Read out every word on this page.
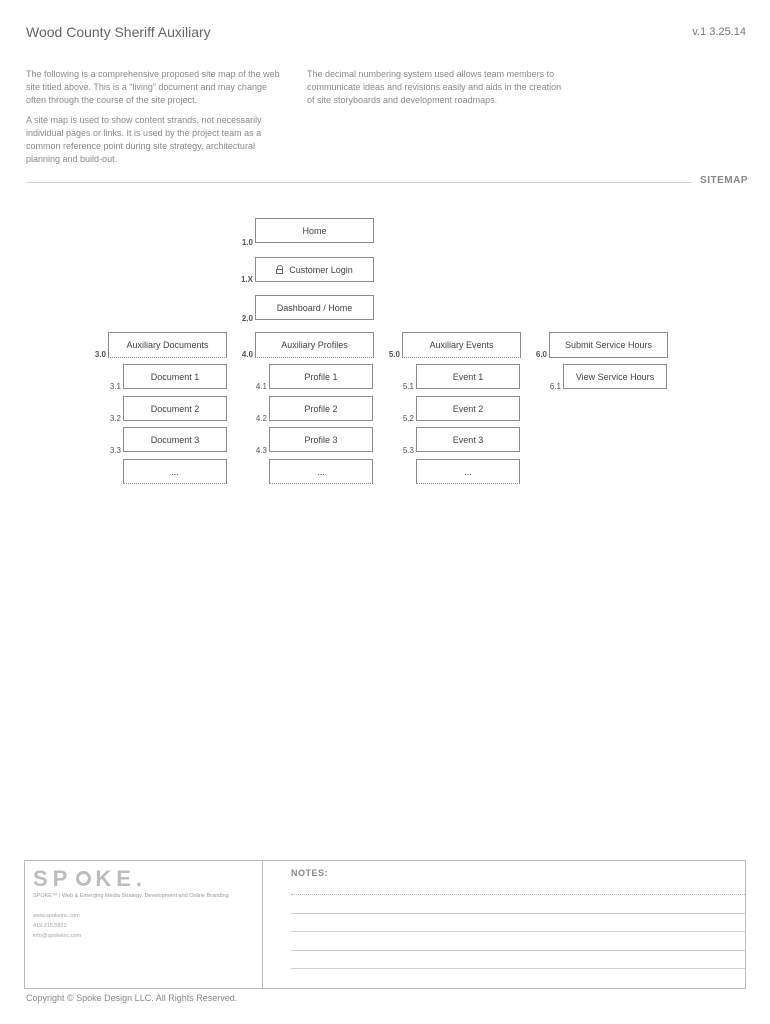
Wood County Sheriff Auxiliary	v.1 3.25.14
The following is a comprehensive proposed site map of the web site titled above. This is a “living” document and may change often through the course of the site project.
A site map is used to show content strands, not necessarily individual pages or links. It is used by the project team as a common reference point during site strategy, architectural planning and build-out.
The decimal numbering system used allows team members to communicate ideas and revisions easily and aids in the creation of site storyboards and development roadmaps.
SITEMAP
Home
1.0
Customer Login
1.X
Dashboard / Home
2.0
Auxiliary Documents
3.0
Document 1
3.1
Document 2
3.2
Document 3
3.3
...
Auxiliary Profiles
4.0
Profile 1
4.1
Profile 2
4.2
Profile 3
4.3
...
Auxiliary Events
5.0
Event 1
5.1
Event 2
5.2
Event 3
5.3
...
Submit Service Hours
6.0
View Service Hours
6.1
SP KE.
SPOKE™ | Web & Emerging Media Strategy, Development and Online Branding
www.spokeinc.com
419.215.5822
info@spokeinc.com
NOTES:
Copyright © Spoke Design LLC. All Rights Reserved.
